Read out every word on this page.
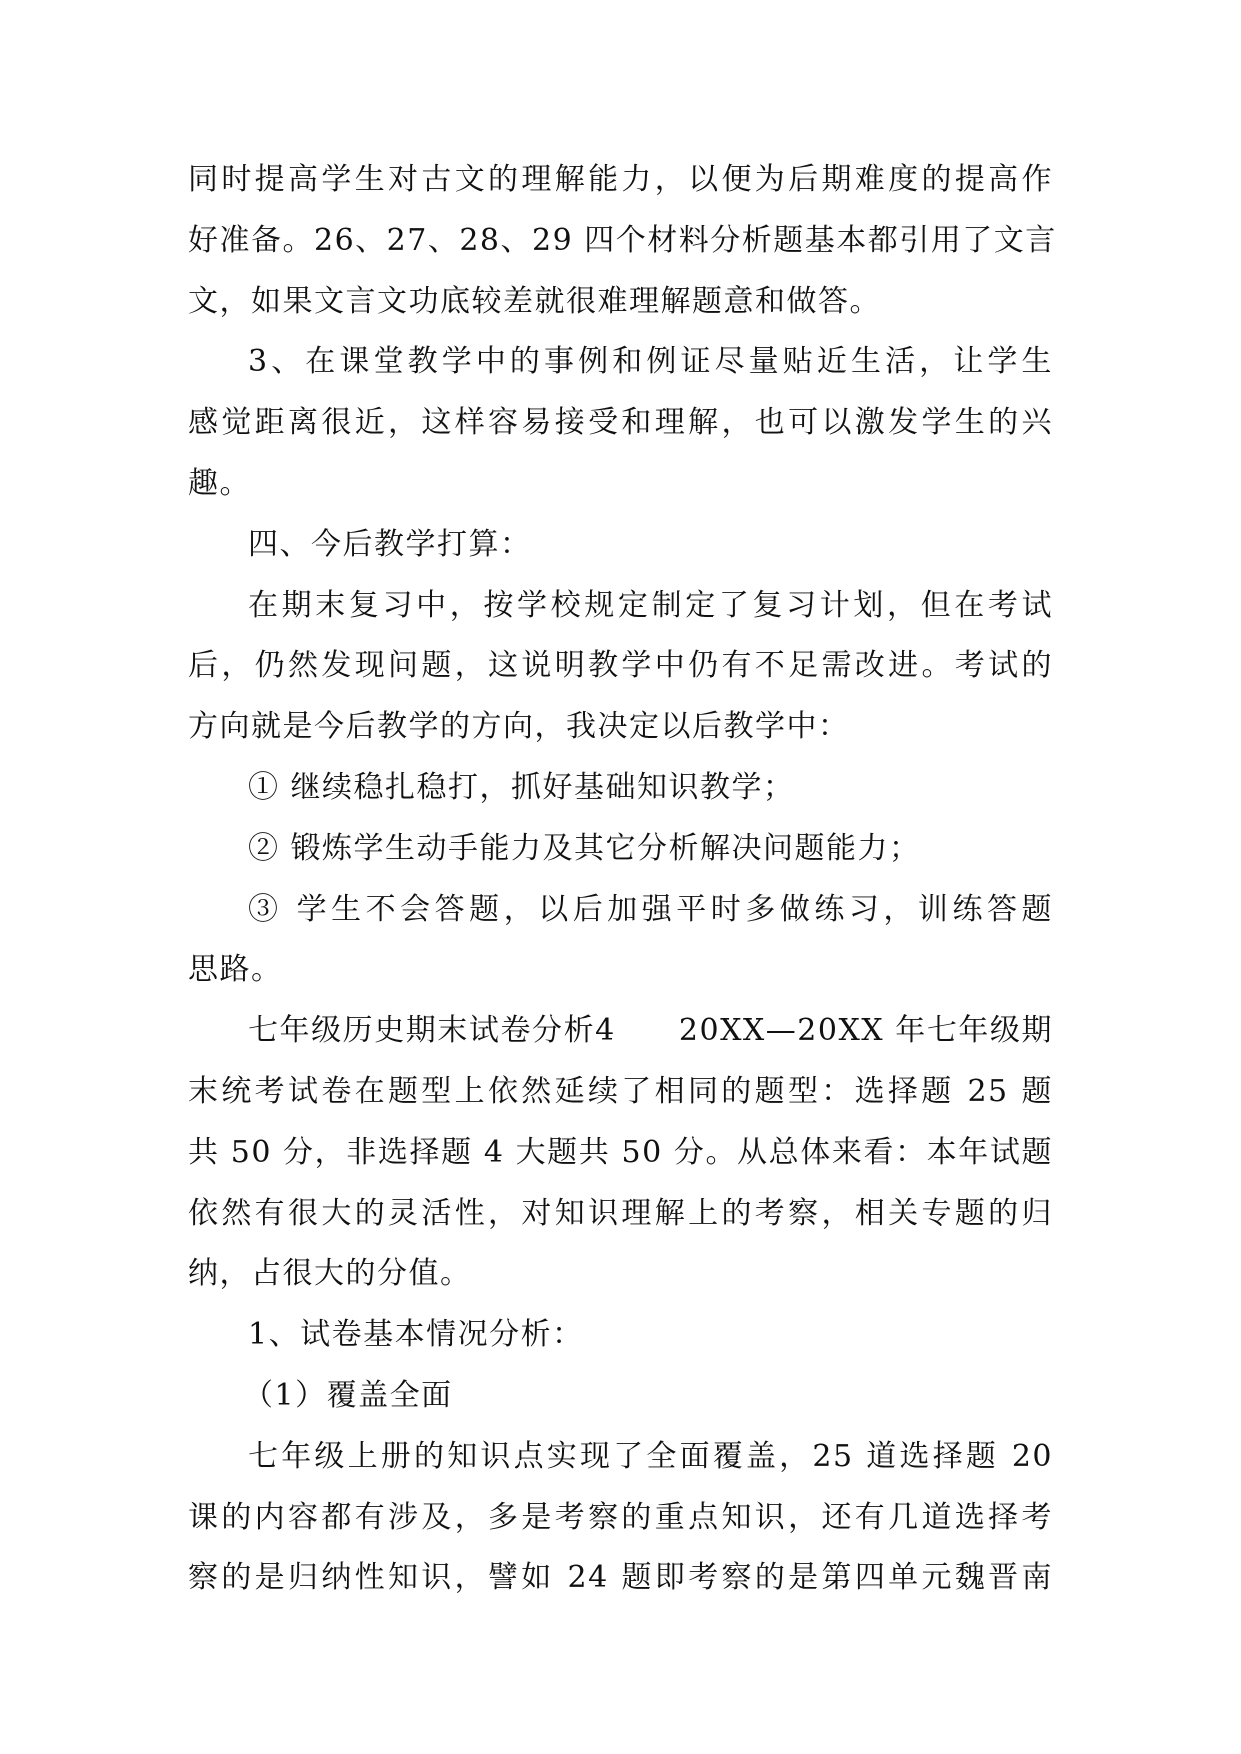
同时提高学生对古文的理解能力，以便为后期难度的提高作
好准备。26、27、28、29 四个材料分析题基本都引用了文言
文，如果文言文功底较差就很难理解题意和做答。
3、在课堂教学中的事例和例证尽量贴近生活，让学生
感觉距离很近，这样容易接受和理解，也可以激发学生的兴
趣。
四、今后教学打算：
在期末复习中，按学校规定制定了复习计划，但在考试
后，仍然发现问题，这说明教学中仍有不足需改进。考试的
方向就是今后教学的方向，我决定以后教学中：
① 继续稳扎稳打，抓好基础知识教学；
② 锻炼学生动手能力及其它分析解决问题能力；
③ 学生不会答题，以后加强平时多做练习，训练答题
思路。
七年级历史期末试卷分析4　　20XX—20XX 年七年级期
末统考试卷在题型上依然延续了相同的题型：选择题 25 题
共 50 分，非选择题 4 大题共 50 分。从总体来看：本年试题
依然有很大的灵活性，对知识理解上的考察，相关专题的归
纳，占很大的分值。
1、试卷基本情况分析：
（1）覆盖全面
七年级上册的知识点实现了全面覆盖，25 道选择题 20
课的内容都有涉及，多是考察的重点知识，还有几道选择考
察的是归纳性知识，譬如 24 题即考察的是第四单元魏晋南
